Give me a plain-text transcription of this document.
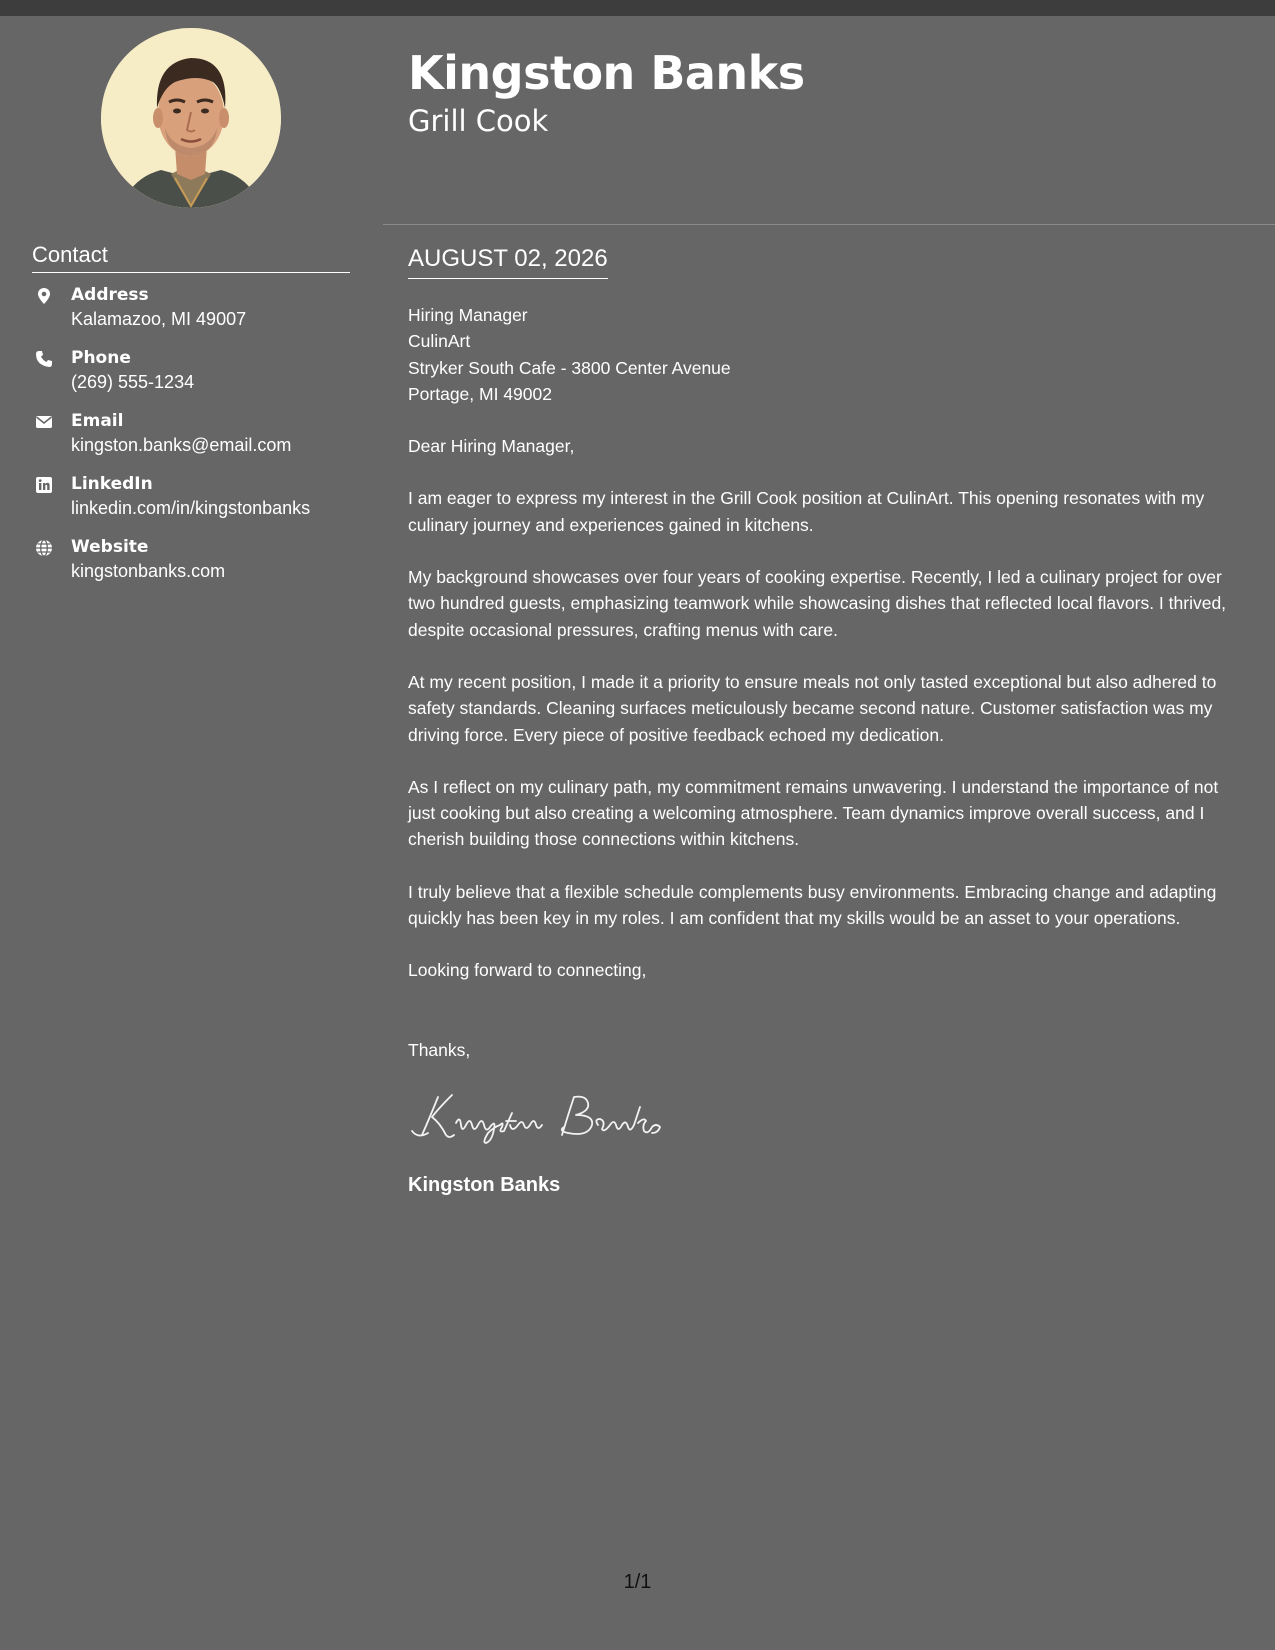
Contact
Address
Kalamazoo, MI 49007
Phone
(269) 555-1234
Email
kingston.banks@email.com
LinkedIn
linkedin.com/in/kingstonbanks
Website
kingstonbanks.com
Kingston Banks
Grill Cook
AUGUST 02, 2026

Hiring Manager
CulinArt
Stryker South Cafe - 3800 Center Avenue
Portage, MI 49002

Dear Hiring Manager,

I am eager to express my interest in the Grill Cook position at CulinArt. This opening resonates with my culinary journey and experiences gained in kitchens.

My background showcases over four years of cooking expertise. Recently, I led a culinary project for over two hundred guests, emphasizing teamwork while showcasing dishes that reflected local flavors. I thrived, despite occasional pressures, crafting menus with care.

At my recent position, I made it a priority to ensure meals not only tasted exceptional but also adhered to safety standards. Cleaning surfaces meticulously became second nature. Customer satisfaction was my driving force. Every piece of positive feedback echoed my dedication.

As I reflect on my culinary path, my commitment remains unwavering. I understand the importance of not just cooking but also creating a welcoming atmosphere. Team dynamics improve overall success, and I cherish building those connections within kitchens.

I truly believe that a flexible schedule complements busy environments. Embracing change and adapting quickly has been key in my roles. I am confident that my skills would be an asset to your operations.

Looking forward to connecting,

Thanks,

Kingston Banks

1/1
